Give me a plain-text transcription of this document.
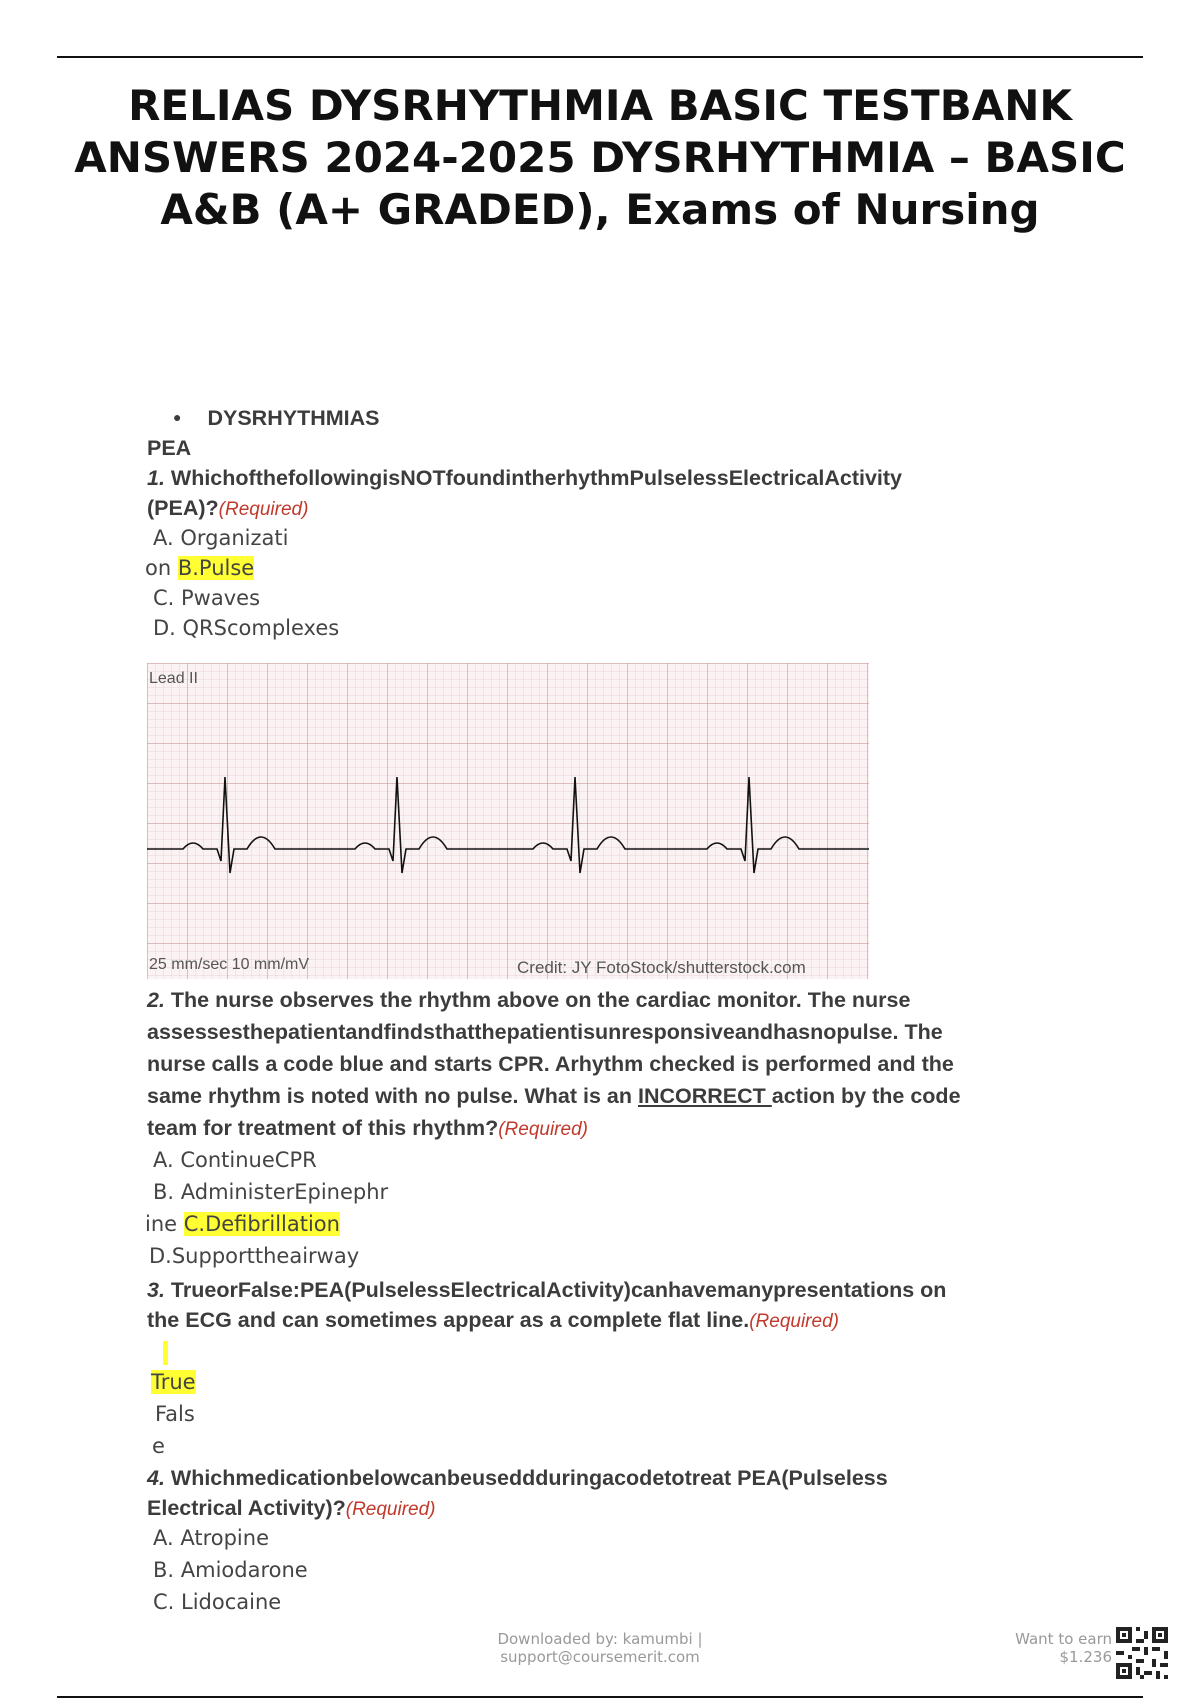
RELIAS DYSRHYTHMIA BASIC TESTBANK ANSWERS 2024-2025 DYSRHYTHMIA – BASIC A&B (A+ GRADED), Exams of Nursing
● DYSRHYTHMIAS
PEA
1. WhichofthefollowingisNOTfoundintherhythmPulselessElectricalActivity
(PEA)?(Required)
A. Organizati
on B.Pulse
C. Pwaves
D. QRScomplexes
Lead II
25 mm/sec 10 mm/mV	Credit: JY FotoStock/shutterstock.com
2. The nurse observes the rhythm above on the cardiac monitor. The nurse
assessesthepatientandfindsthatthepatientisunresponsiveandhasnopulse. The
nurse calls a code blue and starts CPR. Arhythm checked is performed and the
same rhythm is noted with no pulse. What is an INCORRECT action by the code
team for treatment of this rhythm?(Required)
A. ContinueCPR
B. AdministerEpinephr
ine C.Defibrillation
D.Supporttheairway
3. TrueorFalse:PEA(PulselessElectricalActivity)canhavemanypresentations on
the ECG and can sometimes appear as a complete flat line.(Required)
True
Fals
e
4. Whichmedicationbelowcanbeuseddduringacodetotreat PEA(Pulseless
Electrical Activity)?(Required)
A. Atropine
B. Amiodarone
C. Lidocaine
Downloaded by: kamumbi |
support@coursemerit.com
Want to earn
$1.236
